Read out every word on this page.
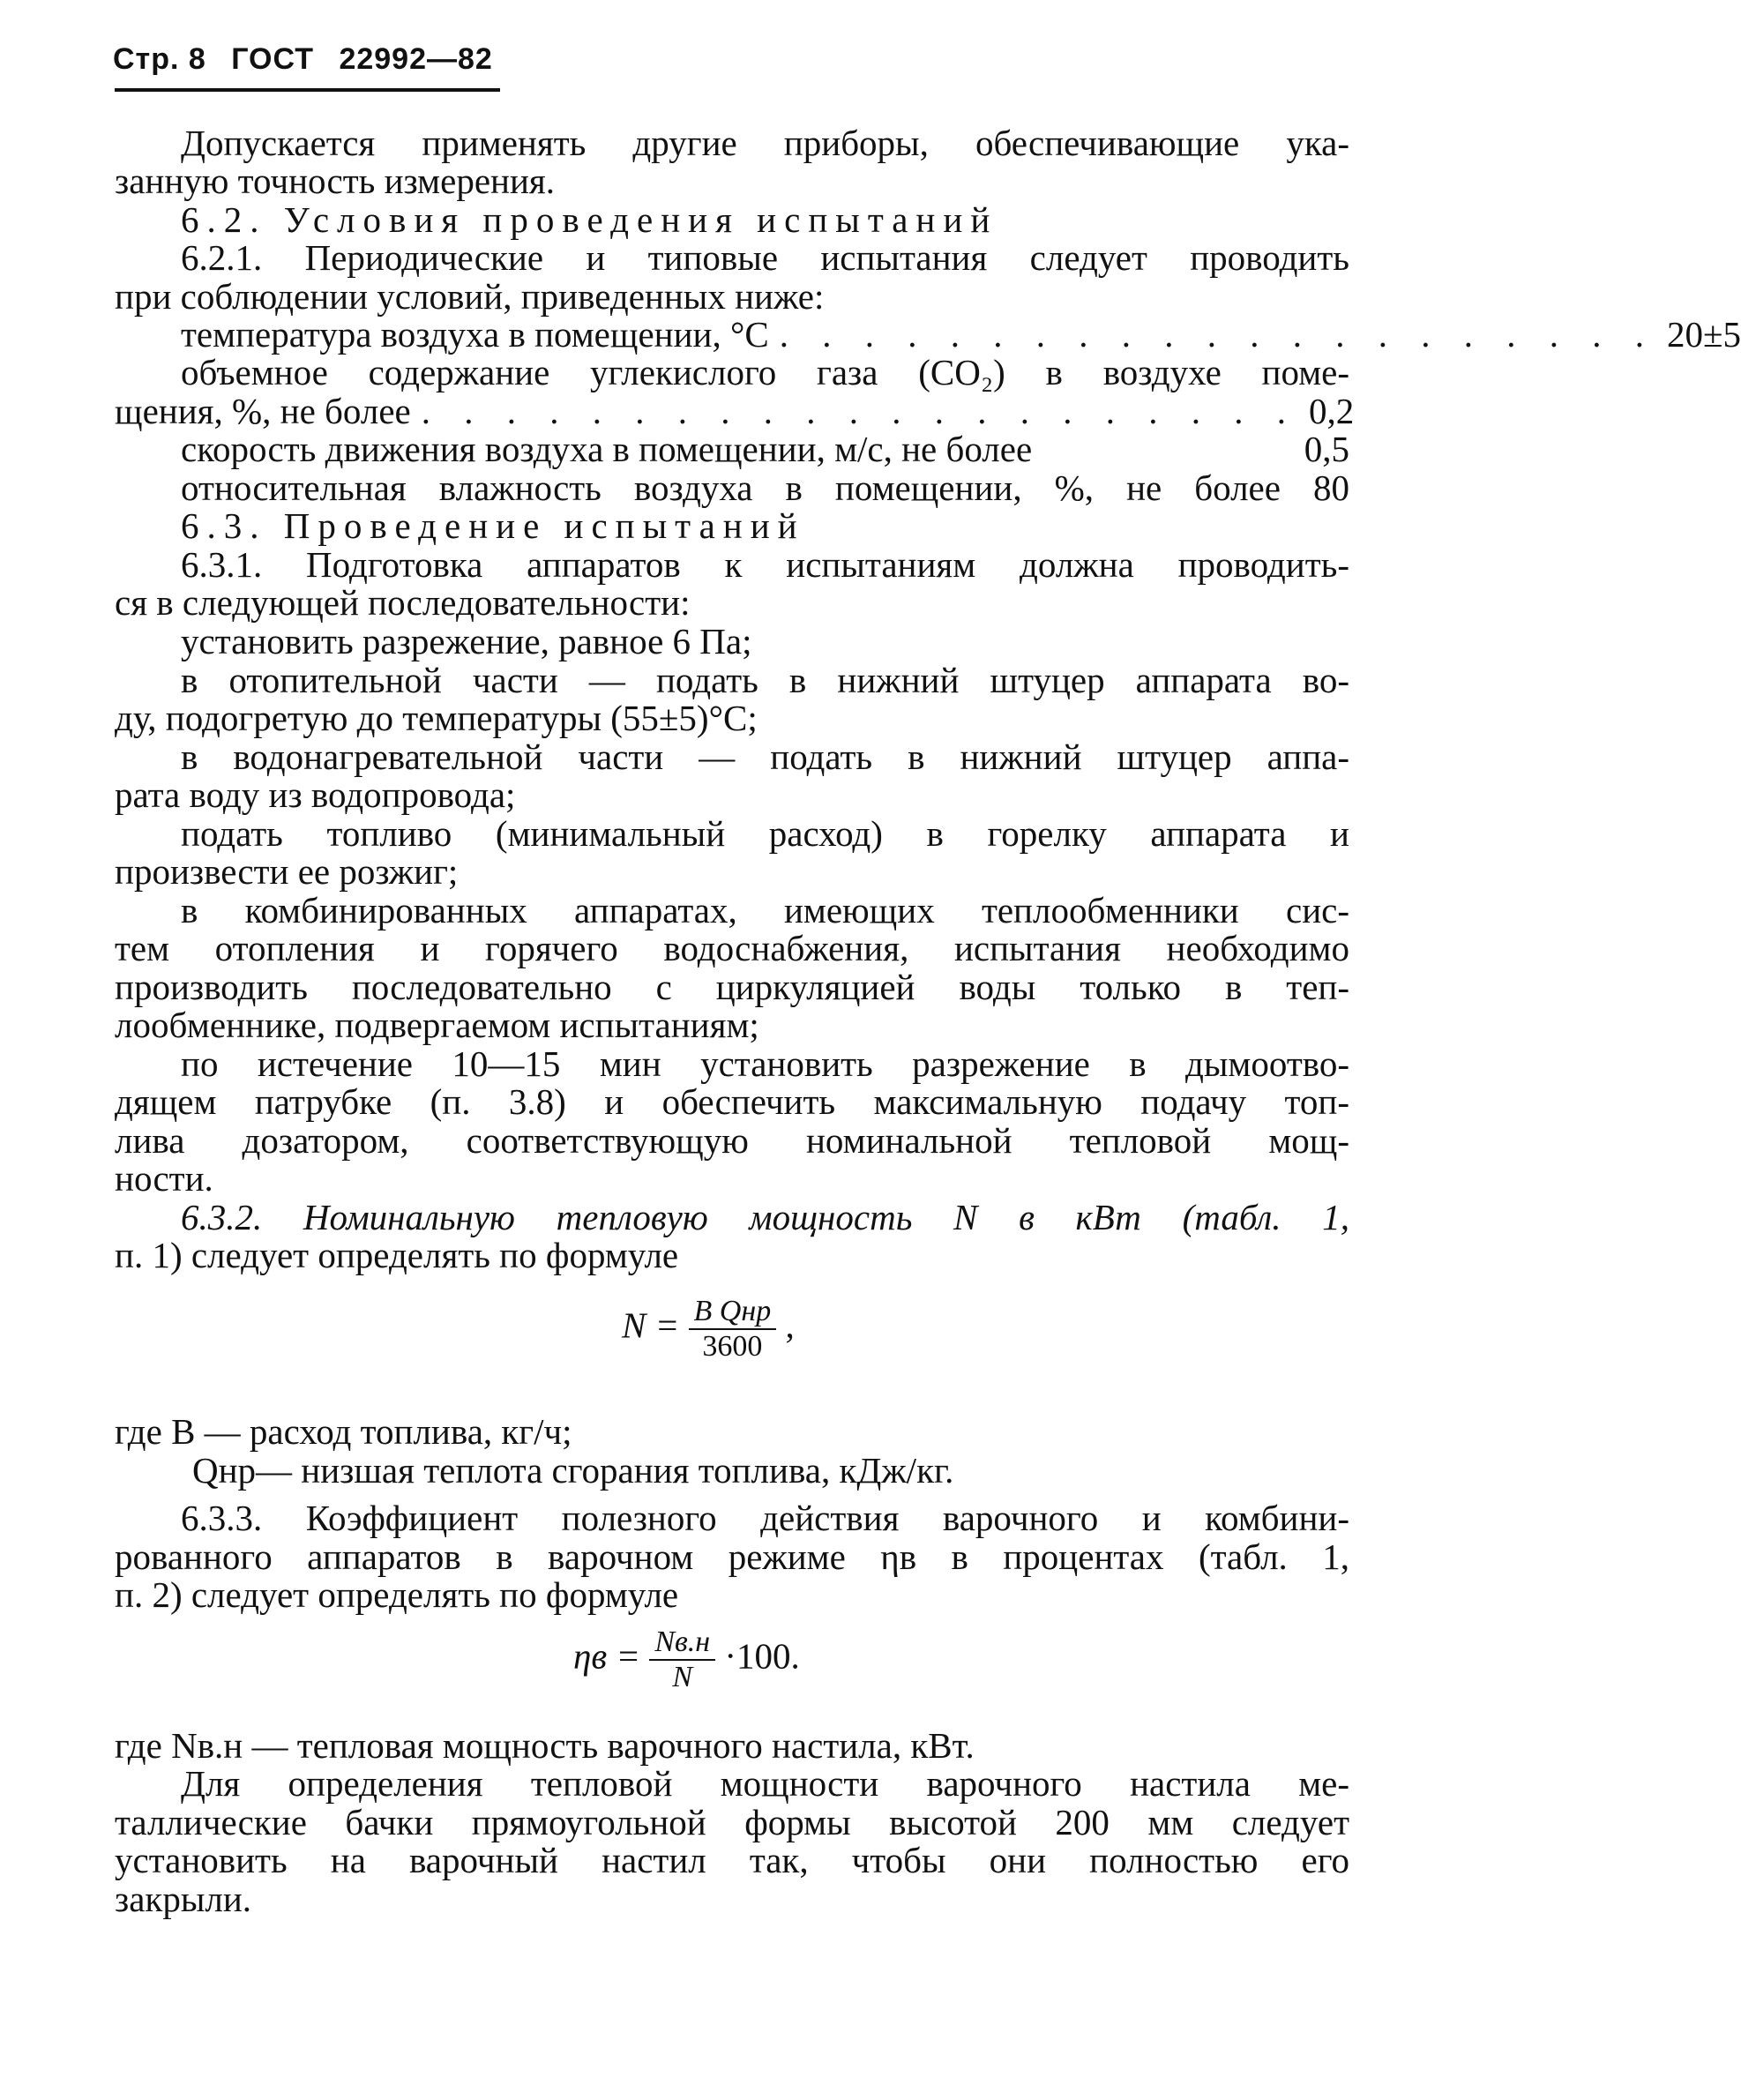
Стр. 8 ГОСТ 22992—82
Допускается применять другие приборы, обеспечивающие ука-
занную точность измерения.
6.2. Условия проведения испытаний
6.2.1. Периодические и типовые испытания следует проводить
при соблюдении условий, приведенных ниже:
температура воздуха в помещении, °С . . . . . . . . . . . . . . . . . . . . . 20±5
объемное содержание углекислого газа (СО₂) в воздухе поме-
щения, %, не более . . . . . . . . . . . . . . . . . . . . . 0,2
скорость движения воздуха в помещении, м/с, не более	0,5
относительная влажность воздуха в помещении, %, не более 80
6.3. Проведение испытаний
6.3.1. Подготовка аппаратов к испытаниям должна проводить-
ся в следующей последовательности:
установить разрежение, равное 6 Па;
в отопительной части — подать в нижний штуцер аппарата во-
ду, подогретую до температуры (55±5)°С;
в водонагревательной части — подать в нижний штуцер аппа-
рата воду из водопровода;
подать топливо (минимальный расход) в горелку аппарата и
произвести ее розжиг;
в комбинированных аппаратах, имеющих теплообменники сис-
тем отопления и горячего водоснабжения, испытания необходимо
производить последовательно с циркуляцией воды только в теп-
лообменнике, подвергаемом испытаниям;
по истечение 10—15 мин установить разрежение в дымоотво-
дящем патрубке (п. 3.8) и обеспечить максимальную подачу топ-
лива дозатором, соответствующую номинальной тепловой мощ-
ности.
6.3.2. Номинальную тепловую мощность N в кВт (табл. 1,
п. 1) следует определять по формуле
$N = \frac{\text{B Qнр}}{3600}$ ,
где B — расход топлива, кг/ч;
Qнр — низшая теплота сгорания топлива, кДж/кг.
6.3.3. Коэффициент полезного действия варочного и комбини-
рованного аппаратов в варочном режиме ηв в процентах (табл. 1,
п. 2) следует определять по формуле
$\eta в = \frac{Nв.н}{N} \cdot 100$.
где Nв.н — тепловая мощность варочного настила, кВт.
Для определения тепловой мощности варочного настила ме-
таллические бачки прямоугольной формы высотой 200 мм следует
установить на варочный настил так, чтобы они полностью его
закрыли.
